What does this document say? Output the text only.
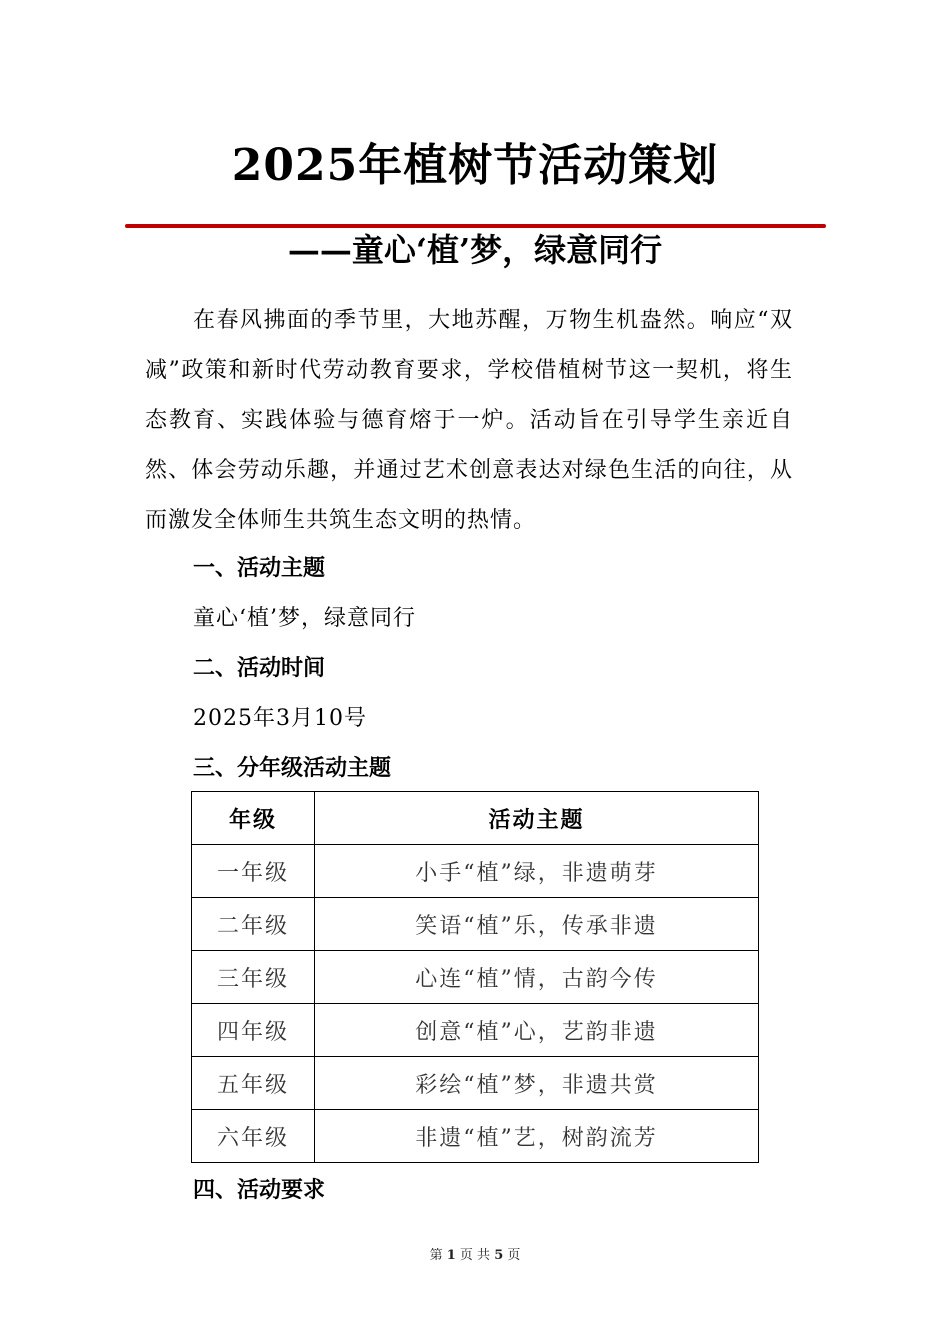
2025年植树节活动策划
——童心‘植’梦，绿意同行

在春风拂面的季节里，大地苏醒，万物生机盎然。响应“双减”政策和新时代劳动教育要求，学校借植树节这一契机，将生态教育、实践体验与德育熔于一炉。活动旨在引导学生亲近自然、体会劳动乐趣，并通过艺术创意表达对绿色生活的向往，从而激发全体师生共筑生态文明的热情。

一、活动主题

童心‘植’梦，绿意同行

二、活动时间

2025年3月10号

三、分年级活动主题

年级	活动主题
一年级	小手“植”绿，非遗萌芽
二年级	笑语“植”乐，传承非遗
三年级	心连“植”情，古韵今传
四年级	创意“植”心，艺韵非遗
五年级	彩绘“植”梦，非遗共赏
六年级	非遗“植”艺，树韵流芳

四、活动要求

第 1 页 共 5 页
